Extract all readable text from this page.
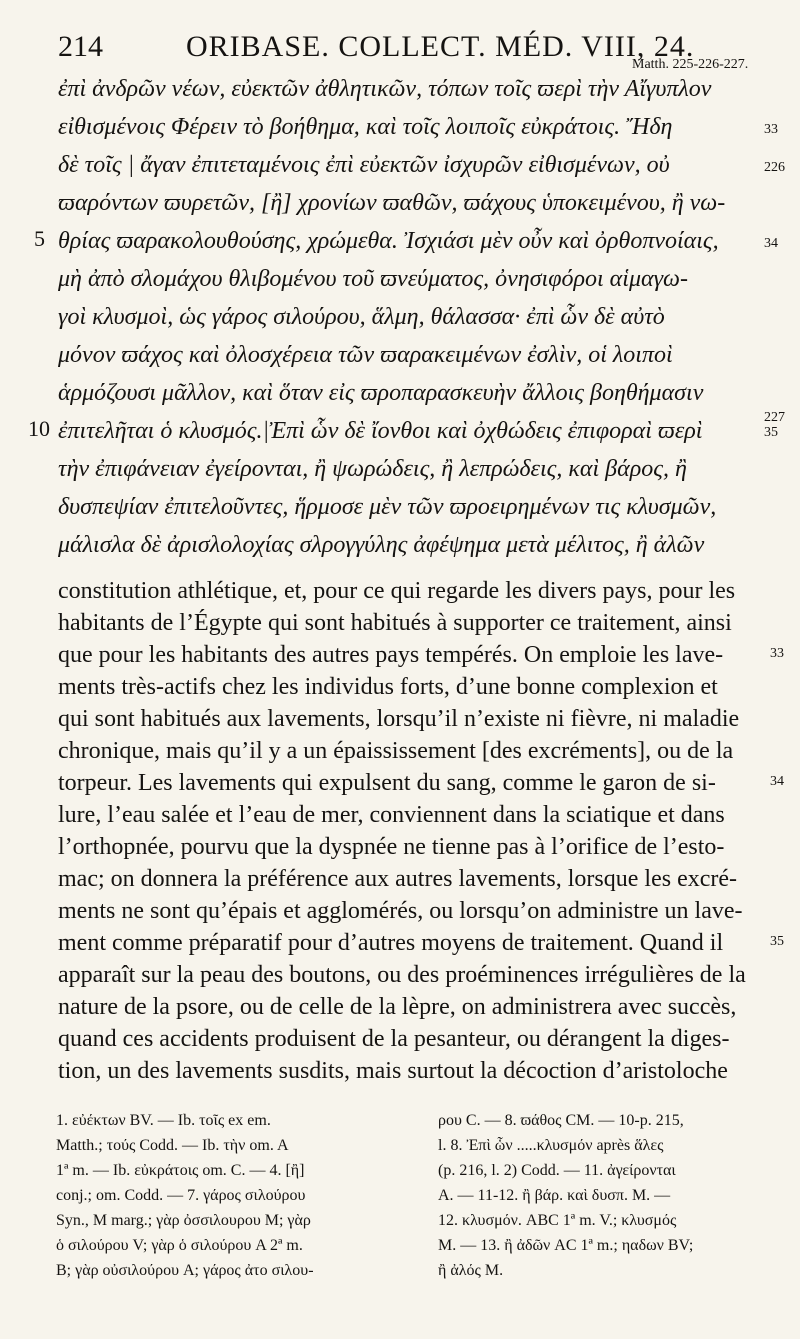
214	ORIBASE. COLLECT. MÉD. VIII, 24.
Matth. 225-226-227.
ἐπὶ ἀνδρῶν νέων, εὐεκτῶν ἀθλητικῶν, τόπων τοῖς ϖερὶ τὴν Αἴγυπλον
εἰθισμένοις Φέρειν τὸ βοήθημα, καὶ τοῖς λοιποῖς εὐκράτοις. Ἤδη
δὲ τοῖς | ἄγαν ἐπιτεταμένοις ἐπὶ εὐεκτῶν ἰσχυρῶν εἰθισμένων, οὐ
ϖαρόντων ϖυρετῶν, [ἢ] χρονίων ϖαθῶν, ϖάχους ὑποκειμένου, ἢ νω-
θρίας ϖαρακολουθούσης, χρώμεθα. Ἰσχιάσι μὲν οὖν καὶ ὀρθοπνοίαις,
μὴ ἀπὸ σλομάχου θλιβομένου τοῦ ϖνεύματος, ὀνησιφόροι αἱμαγω-
γοὶ κλυσμοὶ, ὡς γάρος σιλούρου, ἅλμη, θάλασσα· ἐπὶ ὧν δὲ αὐτὸ
μόνον ϖάχος καὶ ὀλοσχέρεια τῶν ϖαρακειμένων ἐσλὶν, οἱ λοιποὶ
ἁρμόζουσι μᾶλλον, καὶ ὅταν εἰς ϖροπαρασκευὴν ἄλλοις βοηθήμασιν
ἐπιτελῆται ὁ κλυσμός.|Ἐπὶ ὧν δὲ ἴονθοι καὶ ὀχθώδεις ἐπιφοραὶ ϖερὶ
τὴν ἐπιφάνειαν ἐγείρονται, ἢ ψωρώδεις, ἢ λεπρώδεις, καὶ βάρος, ἢ
δυσπεψίαν ἐπιτελοῦντες, ἥρμοσε μὲν τῶν ϖροειρημένων τις κλυσμῶν,
μάλισλα δὲ ἀρισλολοχίας σλρογγύλης ἀφέψημα μετὰ μέλιτος, ἢ ἀλῶν
5
10
33
226
34
227 35
constitution athlétique, et, pour ce qui regarde les divers pays, pour les
habitants de l’Égypte qui sont habitués à supporter ce traitement, ainsi
que pour les habitants des autres pays tempérés. On emploie les lave-
ments très-actifs chez les individus forts, d’une bonne complexion et
qui sont habitués aux lavements, lorsqu’il n’existe ni fièvre, ni maladie
chronique, mais qu’il y a un épaississement [des excréments], ou de la
torpeur. Les lavements qui expulsent du sang, comme le garon de si-
lure, l’eau salée et l’eau de mer, conviennent dans la sciatique et dans
l’orthopnée, pourvu que la dyspnée ne tienne pas à l’orifice de l’esto-
mac; on donnera la préférence aux autres lavements, lorsque les excré-
ments ne sont qu’épais et agglomérés, ou lorsqu’on administre un lave-
ment comme préparatif pour d’autres moyens de traitement. Quand il
apparaît sur la peau des boutons, ou des proéminences irrégulières de la
nature de la psore, ou de celle de la lèpre, on administrera avec succès,
quand ces accidents produisent de la pesanteur, ou dérangent la diges-
tion, un des lavements susdits, mais surtout la décoction d’aristoloche
33
34
35
1. εὐέκτων BV. — Ib. τοῖς ex em.
Matth.; τούς Codd. — Ib. τὴν om. A
1ª m. — Ib. εὐκράτοις om. C. — 4. [ἢ]
conj.; om. Codd. — 7. γάρος σιλούρου
Syn., M marg.; γὰρ ὀσσιλουρου M; γὰρ
ὁ σιλούρου V; γὰρ ὁ σιλούρου A 2ª m.
B; γὰρ οὐσιλούρου A; γάρος ἀτο σιλου-
ρου C. — 8. ϖάθος CM. — 10-p. 215,
l. 8. Ἐπὶ ὧν .....κλυσμόν après ἅλες
(p. 216, l. 2) Codd. — 11. ἀγείρονται
A. — 11-12. ἢ βάρ. καὶ δυσπ. M. —
12. κλυσμόν. ABC 1ª m. V.; κλυσμός
M. — 13. ἢ ἀδῶν AC 1ª m.; ηαδων BV;
ἢ ἀλός M.
